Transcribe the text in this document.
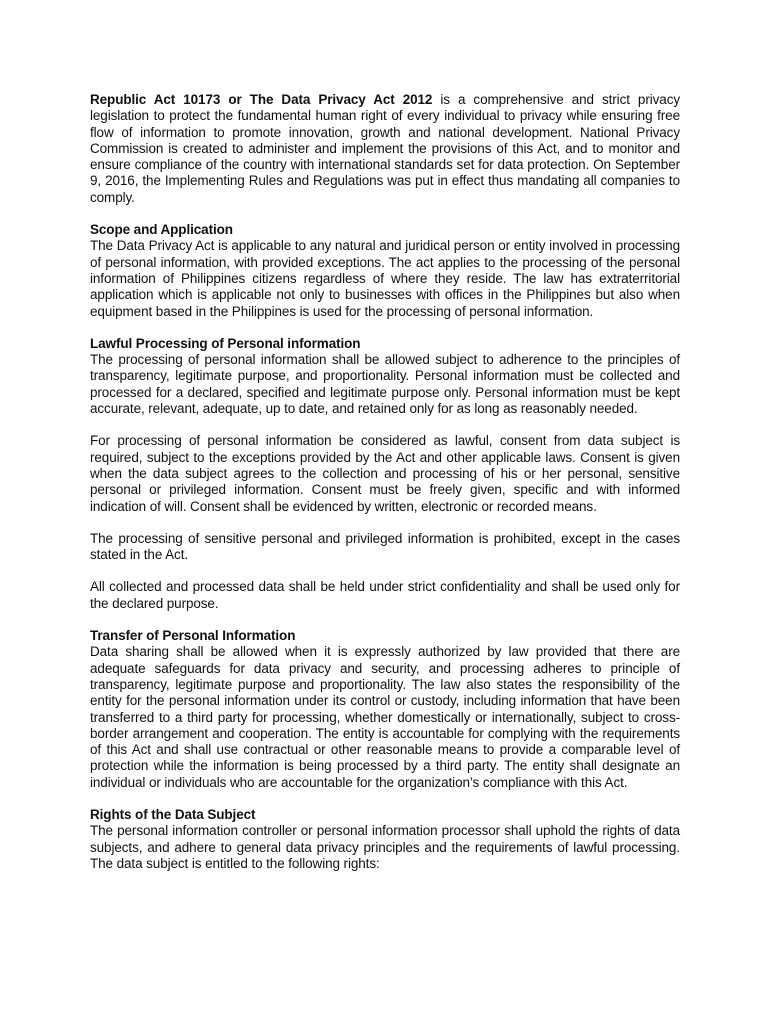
Republic Act 10173 or The Data Privacy Act 2012 is a comprehensive and strict privacy legislation to protect the fundamental human right of every individual to privacy while ensuring free flow of information to promote innovation, growth and national development. National Privacy Commission is created to administer and implement the provisions of this Act, and to monitor and ensure compliance of the country with international standards set for data protection. On September 9, 2016, the Implementing Rules and Regulations was put in effect thus mandating all companies to comply.

Scope and Application

The Data Privacy Act is applicable to any natural and juridical person or entity involved in processing of personal information, with provided exceptions. The act applies to the processing of the personal information of Philippines citizens regardless of where they reside. The law has extraterritorial application which is applicable not only to businesses with offices in the Philippines but also when equipment based in the Philippines is used for the processing of personal information.

Lawful Processing of Personal information

The processing of personal information shall be allowed subject to adherence to the principles of transparency, legitimate purpose, and proportionality. Personal information must be collected and processed for a declared, specified and legitimate purpose only. Personal information must be kept accurate, relevant, adequate, up to date, and retained only for as long as reasonably needed.

For processing of personal information be considered as lawful, consent from data subject is required, subject to the exceptions provided by the Act and other applicable laws. Consent is given when the data subject agrees to the collection and processing of his or her personal, sensitive personal or privileged information. Consent must be freely given, specific and with informed indication of will. Consent shall be evidenced by written, electronic or recorded means.

The processing of sensitive personal and privileged information is prohibited, except in the cases stated in the Act.

All collected and processed data shall be held under strict confidentiality and shall be used only for the declared purpose.

Transfer of Personal Information

Data sharing shall be allowed when it is expressly authorized by law provided that there are adequate safeguards for data privacy and security, and processing adheres to principle of transparency, legitimate purpose and proportionality. The law also states the responsibility of the entity for the personal information under its control or custody, including information that have been transferred to a third party for processing, whether domestically or internationally, subject to cross-border arrangement and cooperation. The entity is accountable for complying with the requirements of this Act and shall use contractual or other reasonable means to provide a comparable level of protection while the information is being processed by a third party. The entity shall designate an individual or individuals who are accountable for the organization’s compliance with this Act.

Rights of the Data Subject

The personal information controller or personal information processor shall uphold the rights of data subjects, and adhere to general data privacy principles and the requirements of lawful processing. The data subject is entitled to the following rights:
